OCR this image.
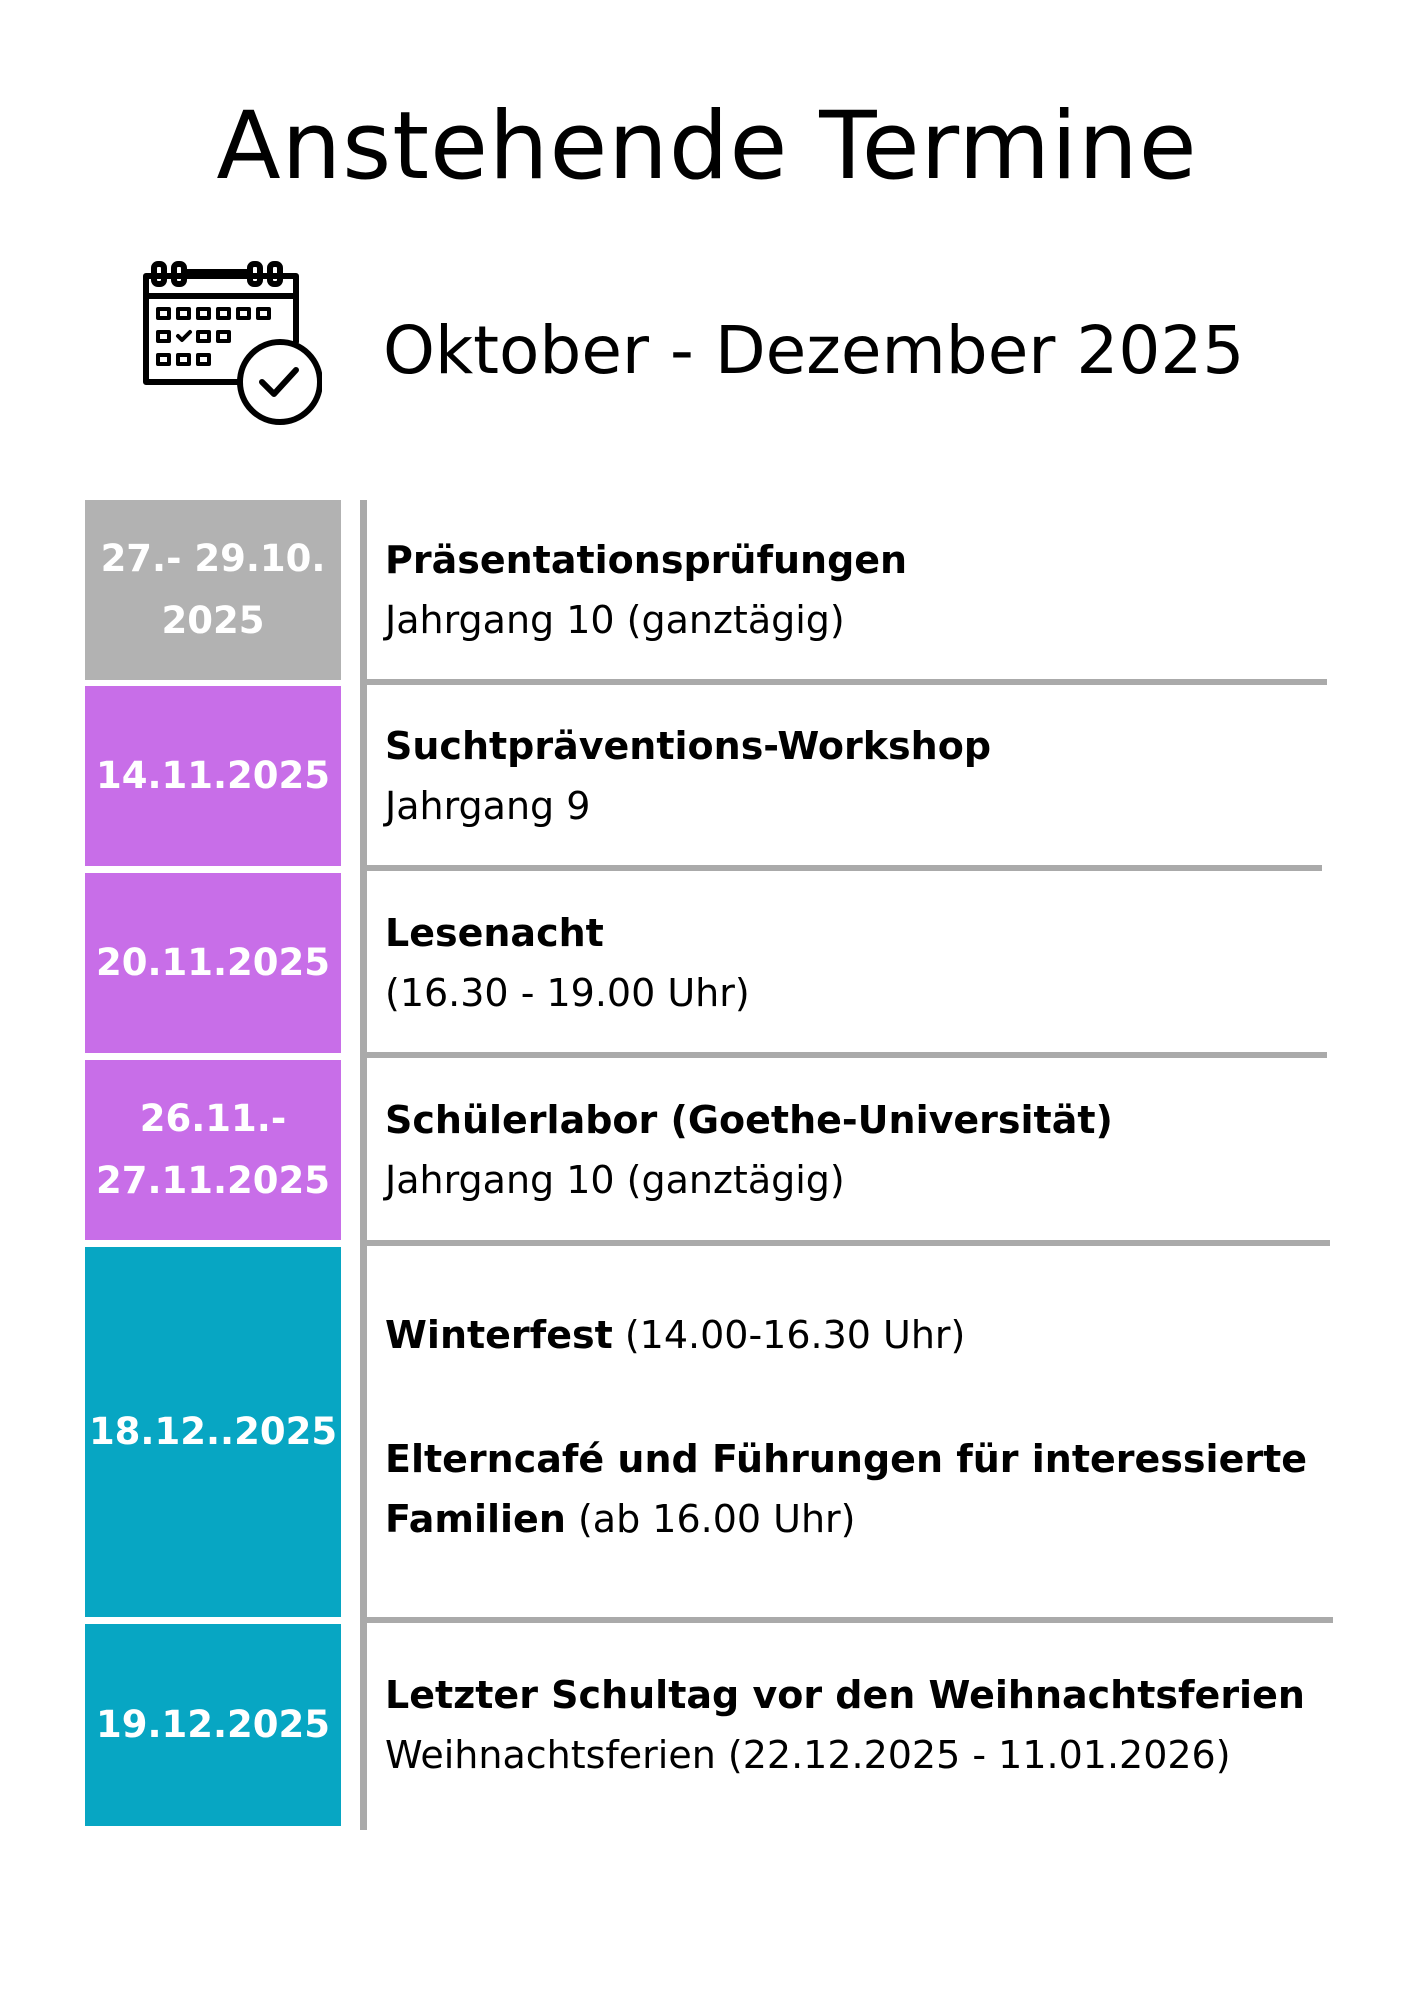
Anstehende Termine
Oktober - Dezember 2025
27.- 29.10.
2025
Präsentationsprüfungen
Jahrgang 10 (ganztägig)
14.11.2025
Suchtpräventions-Workshop
Jahrgang 9
20.11.2025
Lesenacht
(16.30 - 19.00 Uhr)
26.11.-
27.11.2025
Schülerlabor (Goethe-Universität)
Jahrgang 10 (ganztägig)
18.12..2025
Winterfest (14.00-16.30 Uhr)
Elterncafé und Führungen für interessierte
Familien (ab 16.00 Uhr)
19.12.2025
Letzter Schultag vor den Weihnachtsferien
Weihnachtsferien (22.12.2025 - 11.01.2026)
